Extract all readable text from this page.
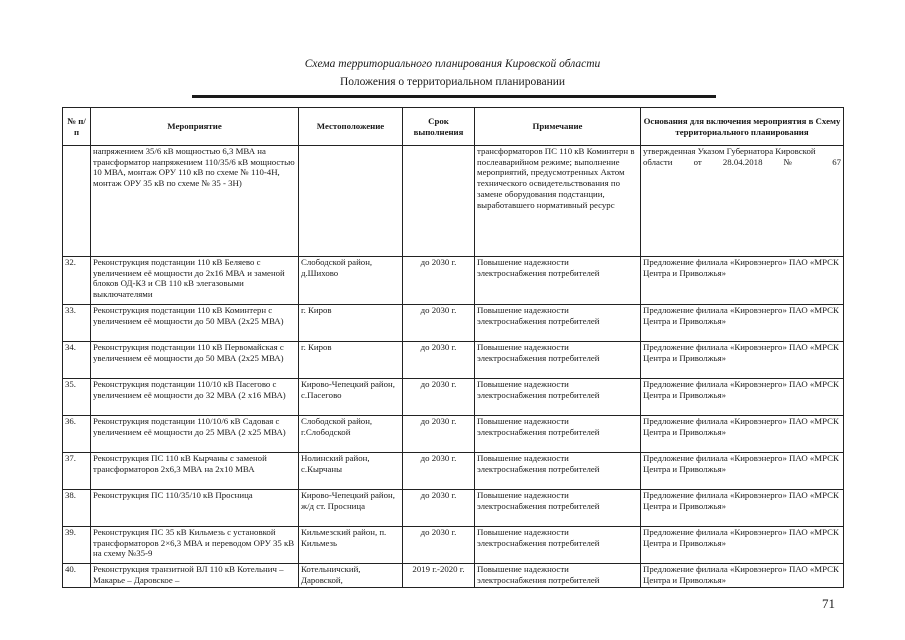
Схема территориального планирования Кировской области
Положения о территориальном планировании
№ п/п	Мероприятие	Местоположение	Срок выполнения	Примечание	Основания для включения мероприятия в Схему территориального планирования
	напряжением 35/6 кВ мощностью 6,3 МВА на трансформатор напряжением 110/35/6 кВ мощностью 10 МВА, монтаж ОРУ 110 кВ по схеме № 110-4Н, монтаж ОРУ 35 кВ по схеме № 35 - 3Н)			трансформаторов ПС 110 кВ Коминтерн в послеаварийном режиме; выполнение мероприятий, предусмотренных Актом технического освидетельствования по замене оборудования подстанции, выработавшего нормативный ресурс	утвержденная Указом Губернатора Кировской области от 28.04.2018 № 67
32.	Реконструкция подстанции 110 кВ Беляево с увеличением её мощности до 2х16 МВА и заменой блоков ОД-КЗ и СВ 110 кВ элегазовыми выключателями	Слободской район, д.Шихово	до 2030 г.	Повышение надежности электроснабжения потребителей	Предложение филиала «Кировэнерго» ПАО «МРСК Центра и Приволжья»
33.	Реконструкция подстанции 110 кВ Коминтерн с увеличением её мощности до 50 МВА (2х25 МВА)	г. Киров	до 2030 г.	Повышение надежности электроснабжения потребителей	Предложение филиала «Кировэнерго» ПАО «МРСК Центра и Приволжья»
34.	Реконструкция подстанции 110 кВ Первомайская с увеличением её мощности до 50 МВА (2х25 МВА)	г. Киров	до 2030 г.	Повышение надежности электроснабжения потребителей	Предложение филиала «Кировэнерго» ПАО «МРСК Центра и Приволжья»
35.	Реконструкция подстанции 110/10 кВ Пасегово с увеличением её мощности до 32 МВА (2 х16 МВА)	Кирово-Чепецкий район, с.Пасегово	до 2030 г.	Повышение надежности электроснабжения потребителей	Предложение филиала «Кировэнерго» ПАО «МРСК Центра и Приволжья»
36.	Реконструкция подстанции 110/10/6 кВ Садовая с увеличением её мощности до 25 МВА (2 х25 МВА)	Слободской район, г.Слободской	до 2030 г.	Повышение надежности электроснабжения потребителей	Предложение филиала «Кировэнерго» ПАО «МРСК Центра и Приволжья»
37.	Реконструкция ПС 110 кВ Кырчаны с заменой трансформаторов 2х6,3 МВА на 2х10 МВА	Нолинский район, с.Кырчаны	до 2030 г.	Повышение надежности электроснабжения потребителей	Предложение филиала «Кировэнерго» ПАО «МРСК Центра и Приволжья»
38.	Реконструкция ПС 110/35/10 кВ Просница	Кирово-Чепецкий район, ж/д ст. Просница	до 2030 г.	Повышение надежности электроснабжения потребителей	Предложение филиала «Кировэнерго» ПАО «МРСК Центра и Приволжья»
39.	Реконструкция ПС 35 кВ Кильмезь с установкой трансформаторов 2×6,3 МВА и переводом ОРУ 35 кВ на схему №35-9	Кильмезский район, п. Кильмезь	до 2030 г.	Повышение надежности электроснабжения потребителей	Предложение филиала «Кировэнерго» ПАО «МРСК Центра и Приволжья»
40.	Реконструкция транзитной ВЛ 110 кВ Котельнич – Макарье – Даровское –	Котельничский, Даровской,	2019 г.-2020 г.	Повышение надежности электроснабжения потребителей	Предложение филиала «Кировэнерго» ПАО «МРСК Центра и Приволжья»
71
